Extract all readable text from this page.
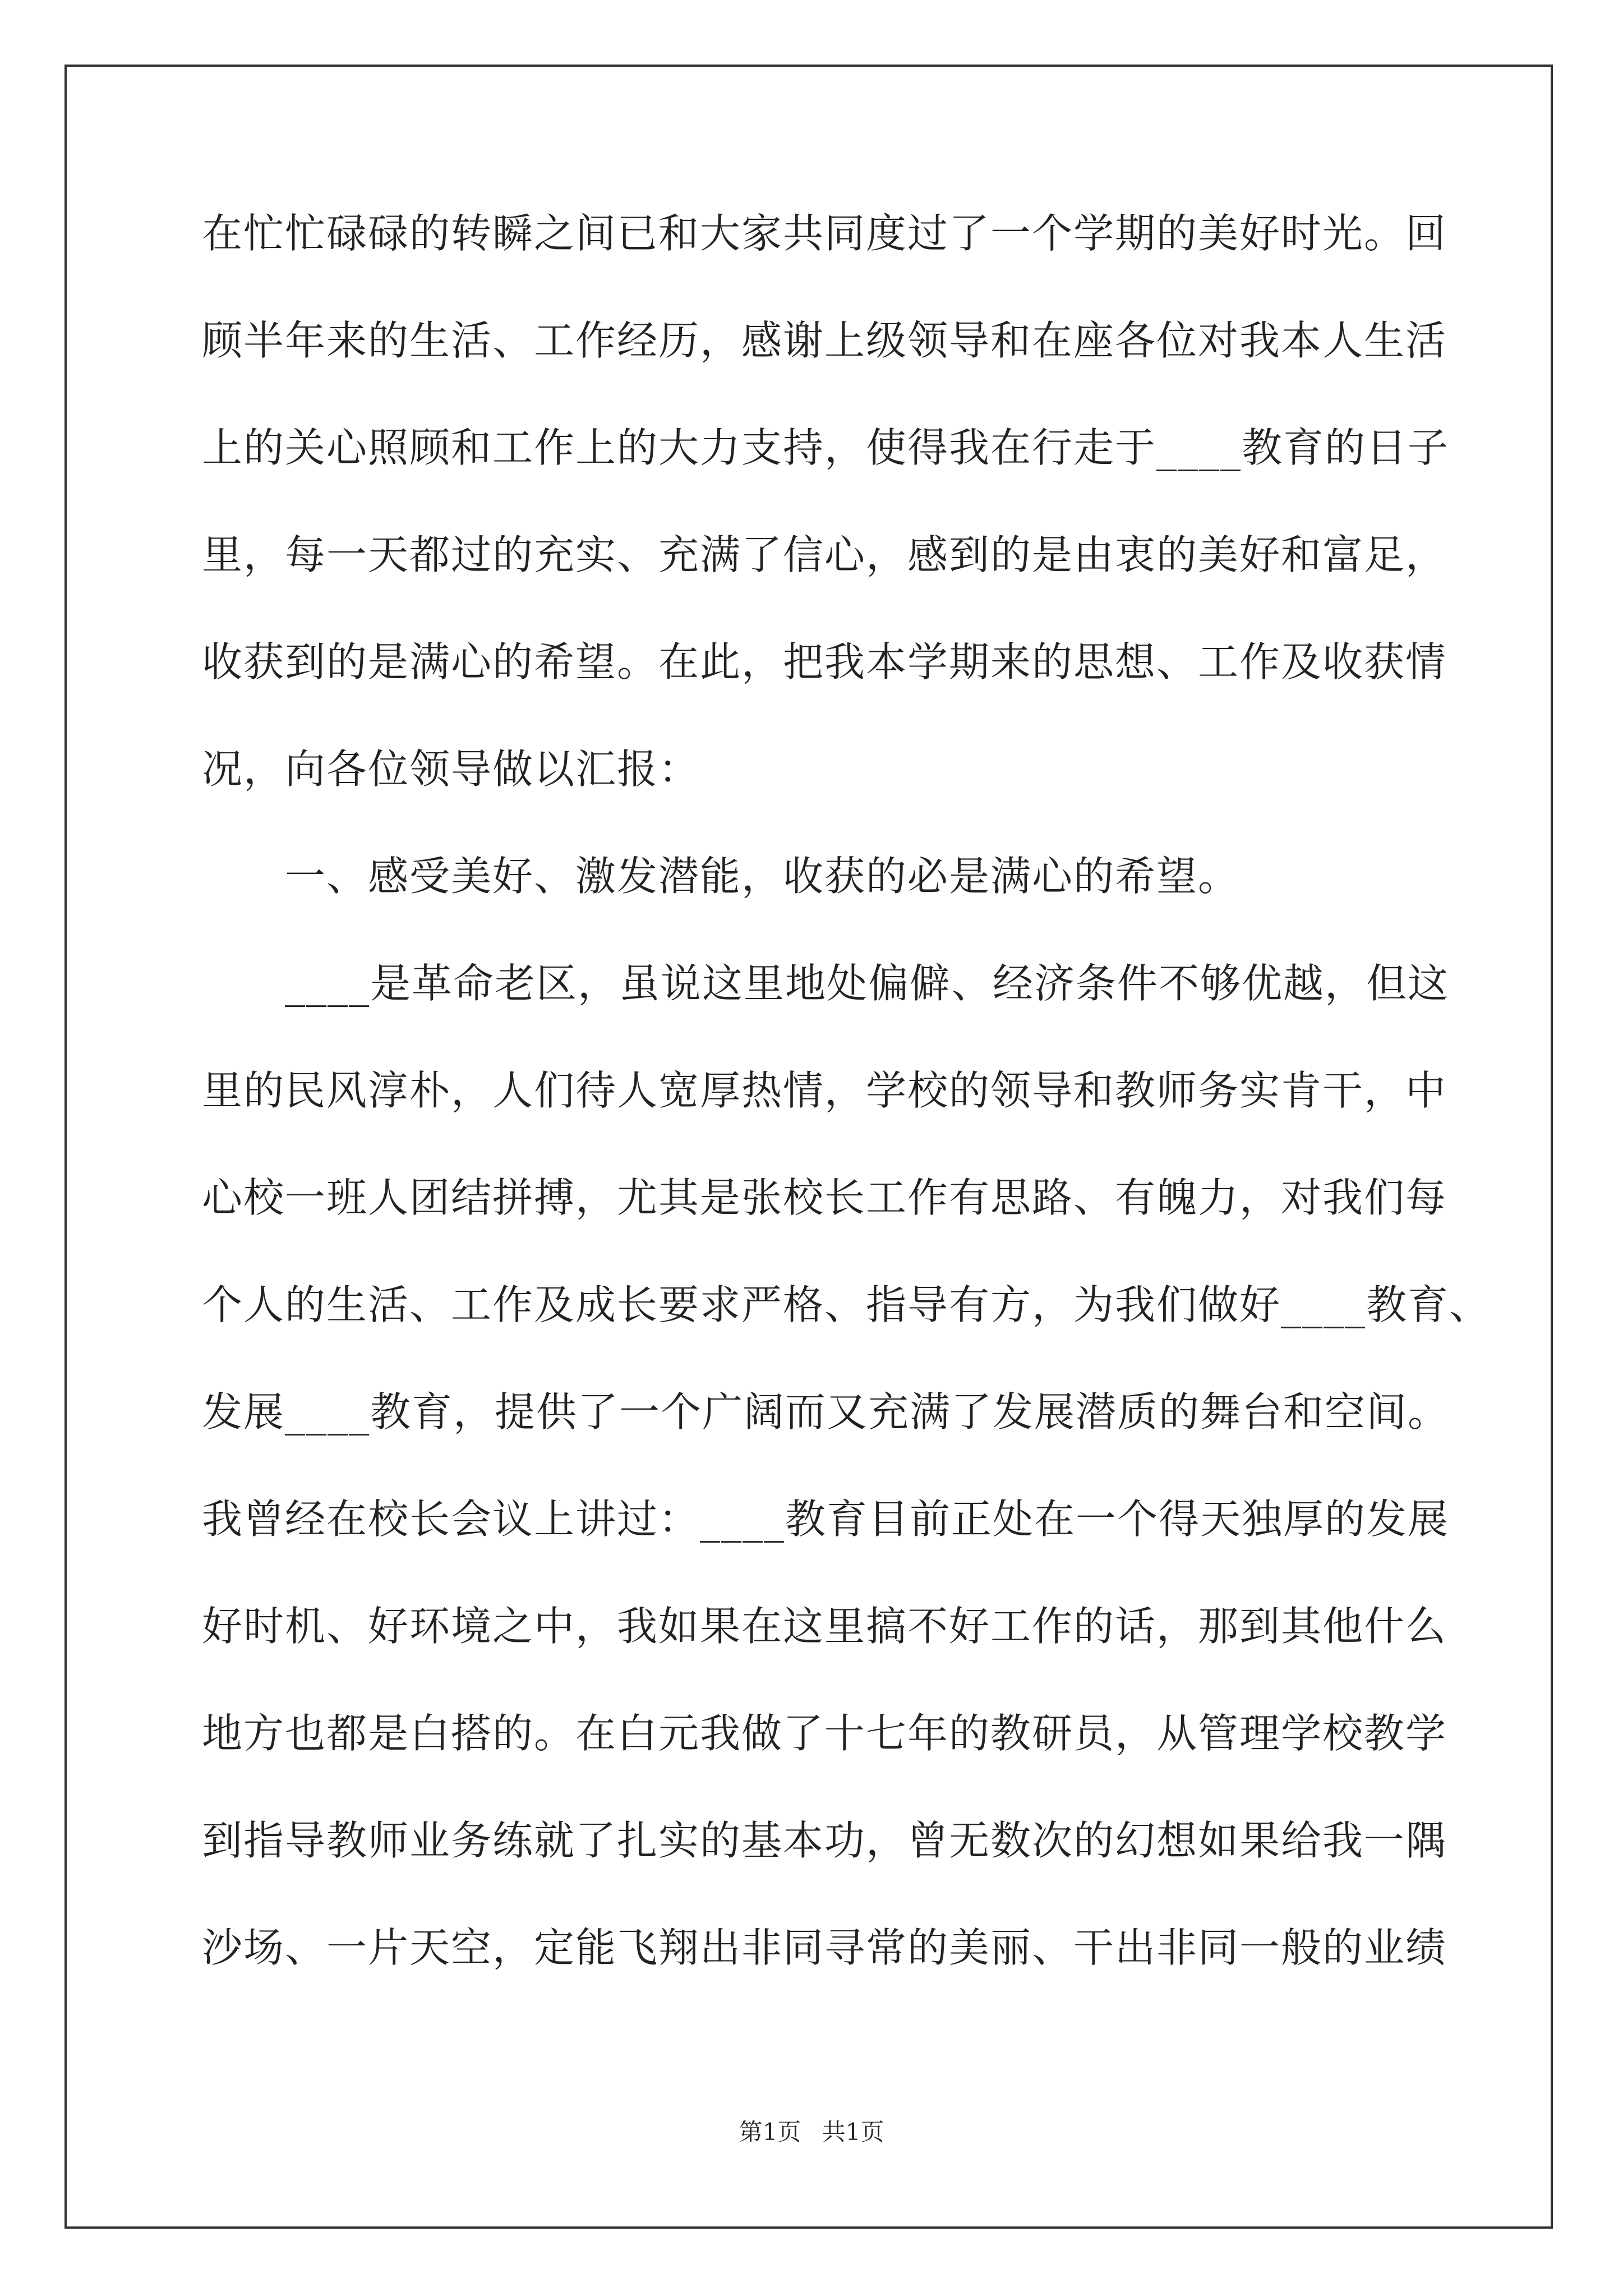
在忙忙碌碌的转瞬之间已和大家共同度过了一个学期的美好时光。回
顾半年来的生活、工作经历，感谢上级领导和在座各位对我本人生活
上的关心照顾和工作上的大力支持，使得我在行走于____教育的日子
里，每一天都过的充实、充满了信心，感到的是由衷的美好和富足，
收获到的是满心的希望。在此，把我本学期来的思想、工作及收获情
况，向各位领导做以汇报：
　　一、感受美好、激发潜能，收获的必是满心的希望。
　　____是革命老区，虽说这里地处偏僻、经济条件不够优越，但这
里的民风淳朴，人们待人宽厚热情，学校的领导和教师务实肯干，中
心校一班人团结拼搏，尤其是张校长工作有思路、有魄力，对我们每
个人的生活、工作及成长要求严格、指导有方，为我们做好____教育、
发展____教育，提供了一个广阔而又充满了发展潜质的舞台和空间。
我曾经在校长会议上讲过：____教育目前正处在一个得天独厚的发展
好时机、好环境之中，我如果在这里搞不好工作的话，那到其他什么
地方也都是白搭的。在白元我做了十七年的教研员，从管理学校教学
到指导教师业务练就了扎实的基本功，曾无数次的幻想如果给我一隅
沙场、一片天空，定能飞翔出非同寻常的美丽、干出非同一般的业绩
第1页 共1页
